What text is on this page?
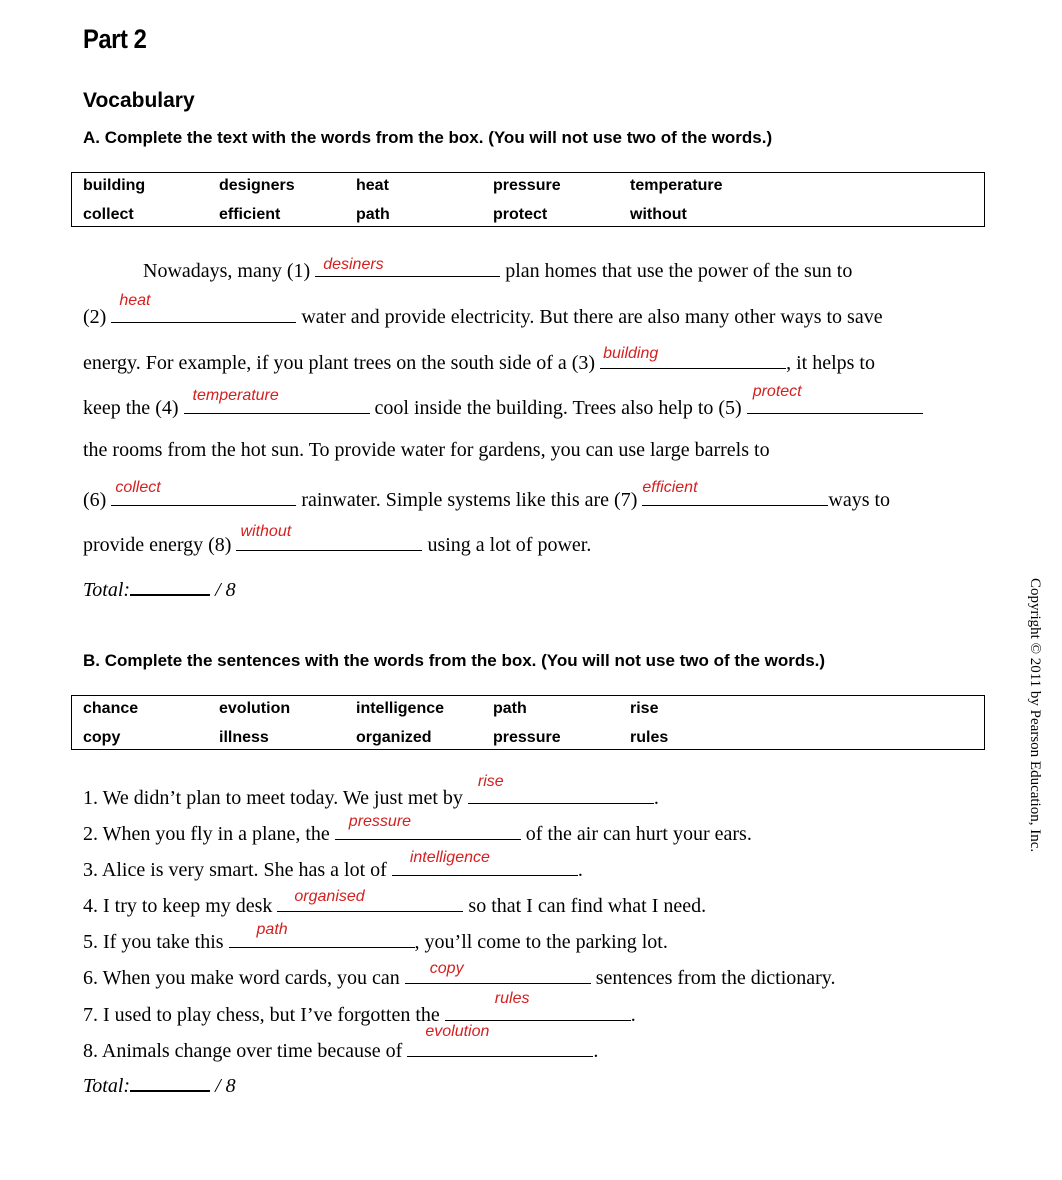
Part 2
Vocabulary
A. Complete the text with the words from the box. (You will not use two of the words.)
building	designers	heat	pressure	temperature
collect	efficient	path	protect	without
Nowadays, many (1) desiners	plan homes that use the power of the sun to
(2)
heat
water and provide electricity. But there are also many other ways to save
energy. For example, if you plant trees on the south side of a (3) building	, it helps to
keep the (4)
temperature
cool inside the building. Trees also help to (5)
protect
the rooms from the hot sun. To provide water for gardens, you can use large barrels to
(6)
collect
rainwater. Simple systems like this are (7)
efficient
ways to
provide energy (8)
without
using a lot of power.
Total:	/ 8
B. Complete the sentences with the words from the box. (You will not use two of the words.)
chance	evolution	intelligence	path	rise
copy	illness	organized	pressure	rules
1. We didn’t plan to meet today. We just met by
rise
.
2. When you fly in a plane, the
pressure
of the air can hurt your ears.
3. Alice is very smart. She has a lot of
intelligence
.
4. I try to keep my desk organised	so that I can find what I need.
5. If you take this
path
, you’ll come to the parking lot.
6. When you make word cards, you can copy	sentences from the dictionary.
7. I used to play chess, but I’ve forgotten the
rules
.
8. Animals change over time because of
evolution
.
Total:	/ 8
Copyright © 2011 by Pearson Education, Inc.
